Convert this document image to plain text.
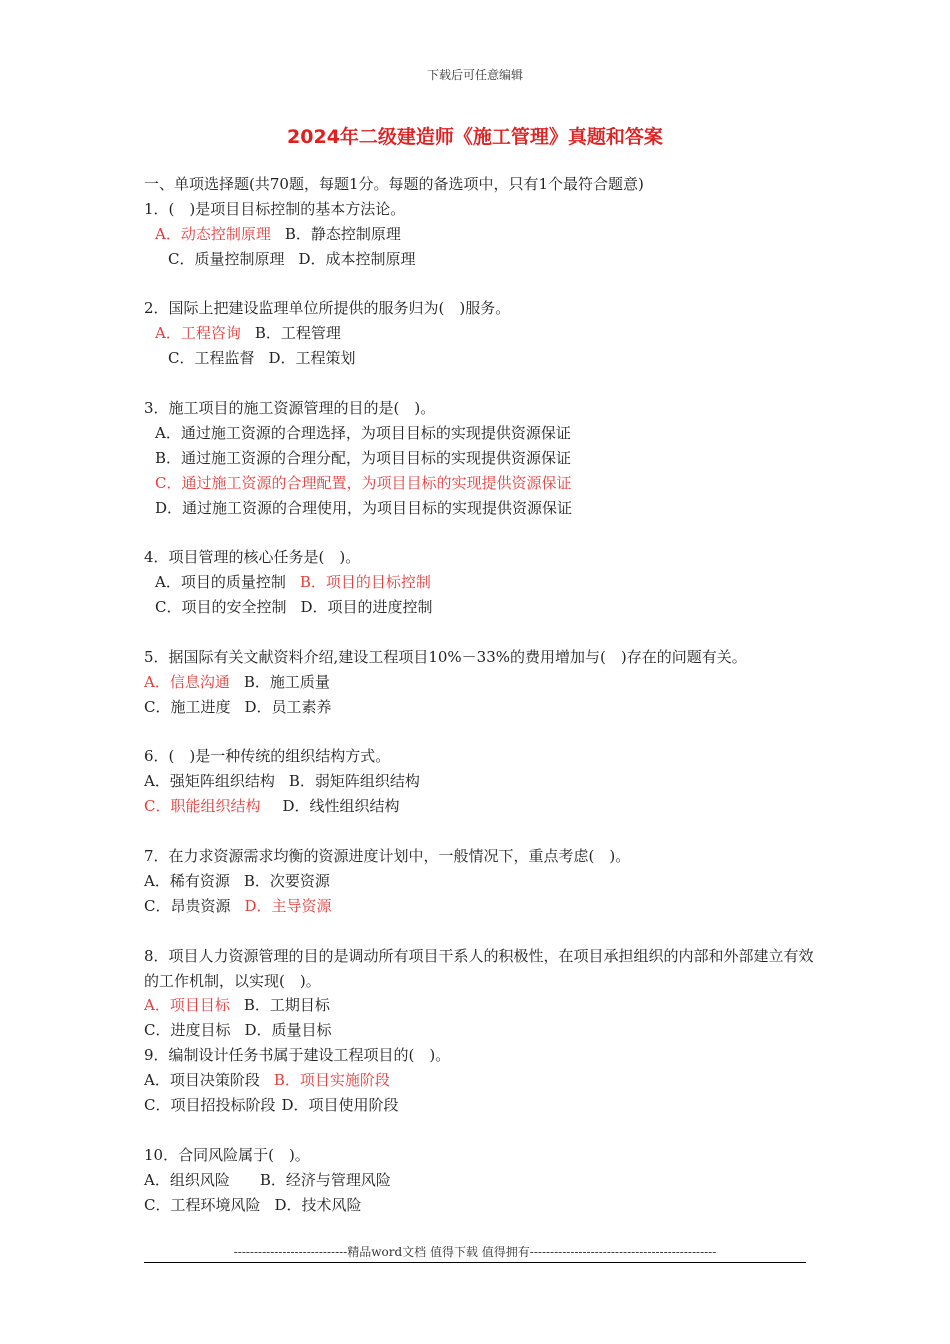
下载后可任意编辑
2024年二级建造师《施工管理》真题和答案
一、单项选择题(共70题，每题1分。每题的备选项中，只有1个最符合题意)
1．(　)是项目目标控制的基本方法论。
A．动态控制原理 B．静态控制原理
C．质量控制原理 D．成本控制原理
2．国际上把建设监理单位所提供的服务归为(　)服务。
A．工程咨询 B．工程管理
C．工程监督 D．工程策划
3．施工项目的施工资源管理的目的是(　)。
A．通过施工资源的合理选择，为项目目标的实现提供资源保证
B．通过施工资源的合理分配，为项目目标的实现提供资源保证
C．通过施工资源的合理配置，为项目目标的实现提供资源保证
D．通过施工资源的合理使用，为项目目标的实现提供资源保证
4．项目管理的核心任务是(　)。
A．项目的质量控制 B．项目的目标控制
C．项目的安全控制 D．项目的进度控制
5．据国际有关文献资料介绍,建设工程项目10%－33%的费用增加与(　)存在的问题有关。
A．信息沟通 B．施工质量
C．施工进度 D．员工素养
6．(　)是一种传统的组织结构方式。
A．强矩阵组织结构 B．弱矩阵组织结构
C．职能组织结构 D．线性组织结构
7．在力求资源需求均衡的资源进度计划中，一般情况下，重点考虑(　)。
A．稀有资源 B．次要资源
C．昂贵资源 D．主导资源
8．项目人力资源管理的目的是调动所有项目干系人的积极性，在项目承担组织的内部和外部建立有效的工作机制，以实现(　)。
A．项目目标 B．工期目标
C．进度目标 D．质量目标
9．编制设计任务书属于建设工程项目的(　)。
A．项目决策阶段 B．项目实施阶段
C．项目招投标阶段 D．项目使用阶段
10．合同风险属于(　)。
A．组织风险 B．经济与管理风险
C．工程环境风险 D．技术风险
----------------------------精品word文档 值得下载 值得拥有----------------------------------------------
